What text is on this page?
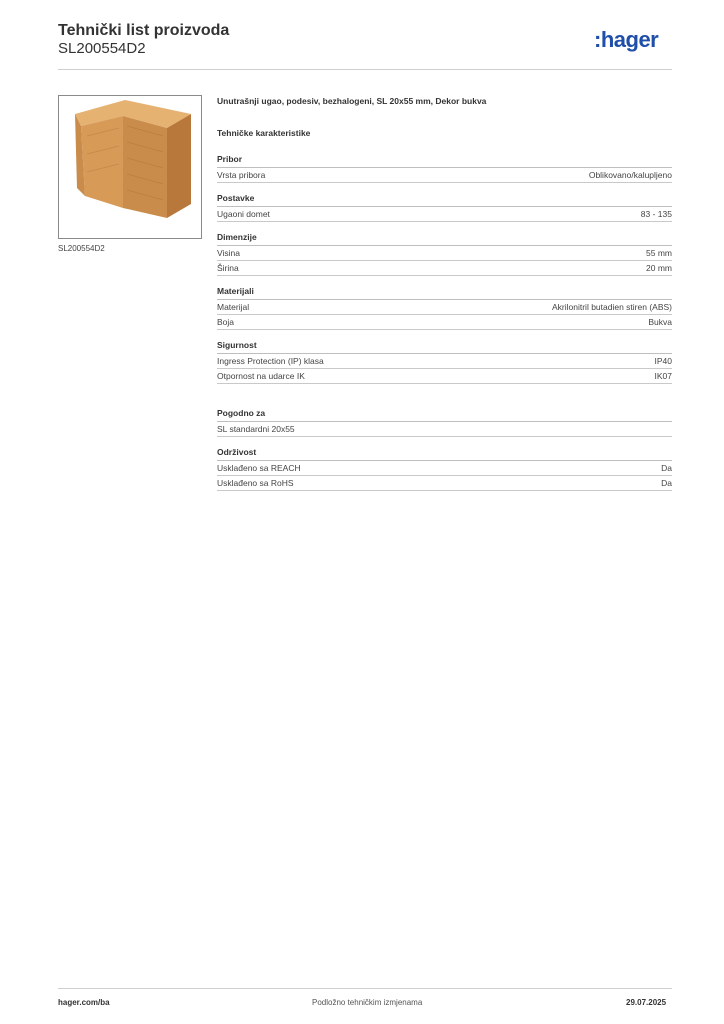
Tehnički list proizvoda
SL200554D2	:hager
SL200554D2
Unutrašnji ugao, podesiv, bezhalogeni, SL 20x55 mm, Dekor bukva
Tehničke karakteristike
Pribor
Vrsta pribora	Oblikovano/kalupljeno
Postavke
Ugaoni domet	83 - 135
Dimenzije
Visina	55 mm
Širina	20 mm
Materijali
Materijal	Akrilonitril butadien stiren (ABS)
Boja	Bukva
Sigurnost
Ingress Protection (IP) klasa	IP40
Otpornost na udarce IK	IK07
Pogodno za
SL standardni 20x55
Održivost
Usklađeno sa REACH	Da
Usklađeno sa RoHS	Da
hager.com/ba	Podložno tehničkim izmjenama	29.07.2025
